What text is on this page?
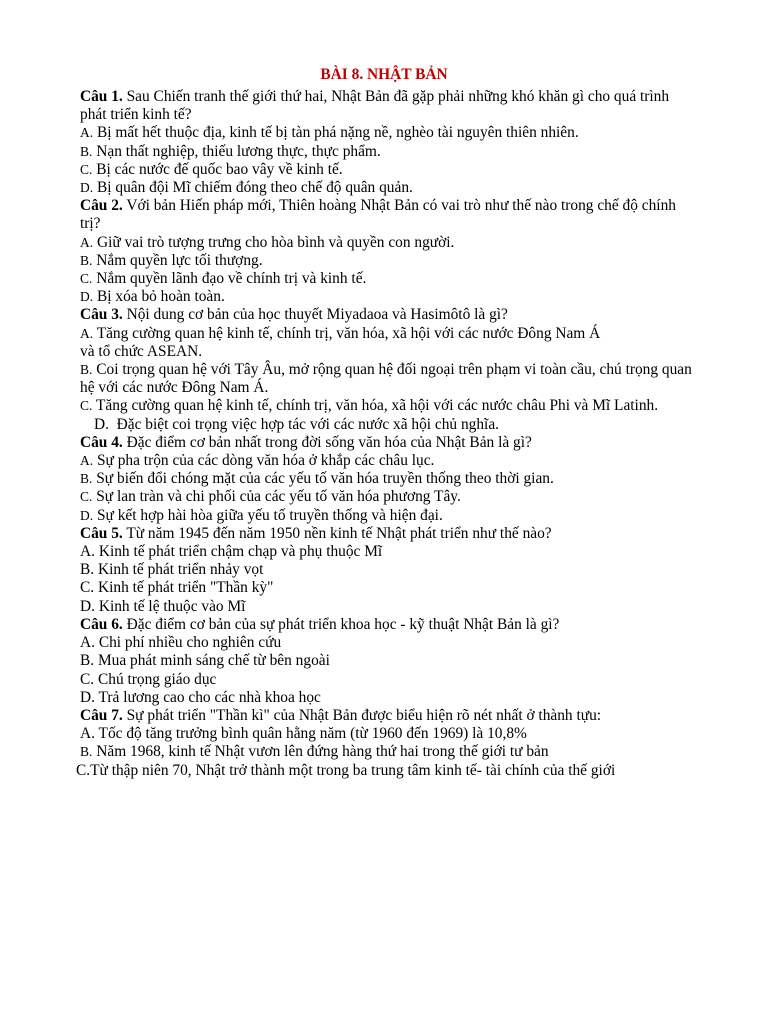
BÀI 8. NHẬT BẢN

Câu 1. Sau Chiến tranh thế giới thứ hai, Nhật Bản đã gặp phải những khó khăn gì cho quá trình phát triển kinh tế?

A. Bị mất hết thuộc địa, kinh tế bị tàn phá nặng nề, nghèo tài nguyên thiên nhiên.

B. Nạn thất nghiệp, thiếu lương thực, thực phẩm.

C. Bị các nước đế quốc bao vây về kinh tế.

D. Bị quân đội Mĩ chiếm đóng theo chế độ quân quản.

Câu 2. Với bản Hiến pháp mới, Thiên hoàng Nhật Bản có vai trò như thế nào trong chế độ chính trị?

A. Giữ vai trò tượng trưng cho hòa bình và quyền con người.

B. Nắm quyền lực tối thượng.

C. Nắm quyền lãnh đạo về chính trị và kinh tế.

D. Bị xóa bỏ hoàn toàn.

Câu 3. Nội dung cơ bản của học thuyết Miyadaoa và Hasimôtô là gì?

A. Tăng cường quan hệ kinh tế, chính trị, văn hóa, xã hội với các nước Đông Nam Á
và tổ chức ASEAN.

B. Coi trọng quan hệ với Tây Âu, mở rộng quan hệ đối ngoại trên phạm vi toàn cầu, chú trọng quan hệ với các nước Đông Nam Á.

C. Tăng cường quan hệ kinh tế, chính trị, văn hóa, xã hội với các nước châu Phi và Mĩ Latinh.

D. Đặc biệt coi trọng việc hợp tác với các nước xã hội chủ nghĩa.

Câu 4. Đặc điểm cơ bản nhất trong đời sống văn hóa của Nhật Bản là gì?

A. Sự pha trộn của các dòng văn hóa ở khắp các châu lục.

B. Sự biến đổi chóng mặt của các yếu tố văn hóa truyền thống theo thời gian.

C. Sự lan tràn và chi phối của các yếu tố văn hóa phương Tây.

D. Sự kết hợp hài hòa giữa yếu tố truyền thống và hiện đại.

Câu 5. Từ năm 1945 đến năm 1950 nền kinh tế Nhật phát triển như thế nào?

A. Kinh tế phát triển chậm chạp và phụ thuộc Mĩ

B. Kinh tế phát triển nhảy vọt

C. Kinh tế phát triển "Thần kỳ"

D. Kinh tế lệ thuộc vào Mĩ

Câu 6. Đặc điểm cơ bản của sự phát triển khoa học - kỹ thuật Nhật Bản là gì?

A. Chi phí nhiều cho nghiên cứu

B. Mua phát minh sáng chế từ bên ngoài

C. Chú trọng giáo dục

D. Trả lương cao cho các nhà khoa học

Câu 7. Sự phát triển "Thần kì" của Nhật Bản được biểu hiện rõ nét nhất ở thành tựu:

A. Tốc độ tăng trưởng bình quân hằng năm (từ 1960 đến 1969) là 10,8%

B. Năm 1968, kinh tế Nhật vươn lên đứng hàng thứ hai trong thế giới tư bản

C.Từ thập niên 70, Nhật trở thành một trong ba trung tâm kinh tế- tài chính của thế giới
